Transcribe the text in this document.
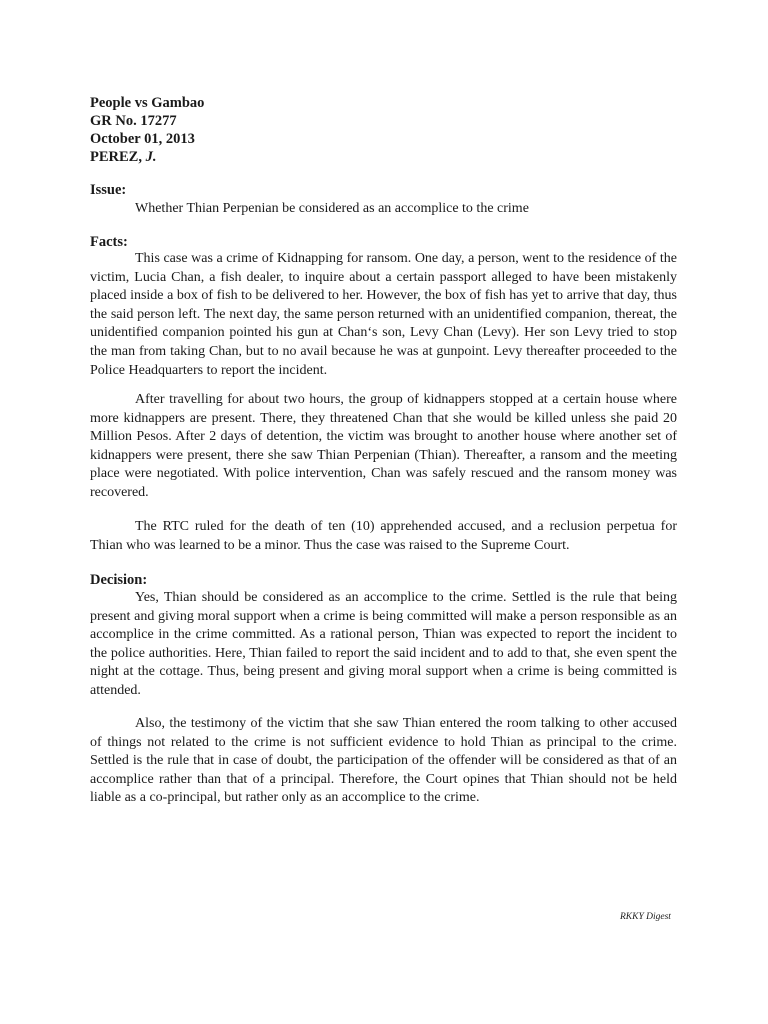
People vs Gambao
GR No. 17277
October 01, 2013
PEREZ, J.
Issue:
Whether Thian Perpenian be considered as an accomplice to the crime
Facts:

This case was a crime of Kidnapping for ransom. One day, a person, went to the residence of the victim, Lucia Chan, a fish dealer, to inquire about a certain passport alleged to have been mistakenly placed inside a box of fish to be delivered to her. However, the box of fish has yet to arrive that day, thus the said person left. The next day, the same person returned with an unidentified companion, thereat, the unidentified companion pointed his gun at Chan‘s son, Levy Chan (Levy). Her son Levy tried to stop the man from taking Chan, but to no avail because he was at gunpoint. Levy thereafter proceeded to the Police Headquarters to report the incident.

After travelling for about two hours, the group of kidnappers stopped at a certain house where more kidnappers are present. There, they threatened Chan that she would be killed unless she paid 20 Million Pesos. After 2 days of detention, the victim was brought to another house where another set of kidnappers were present, there she saw Thian Perpenian (Thian). Thereafter, a ransom and the meeting place were negotiated. With police intervention, Chan was safely rescued and the ransom money was recovered.

The RTC ruled for the death of ten (10) apprehended accused, and a reclusion perpetua for Thian who was learned to be a minor. Thus the case was raised to the Supreme Court.

Decision:

Yes, Thian should be considered as an accomplice to the crime. Settled is the rule that being present and giving moral support when a crime is being committed will make a person responsible as an accomplice in the crime committed. As a rational person, Thian was expected to report the incident to the police authorities. Here, Thian failed to report the said incident and to add to that, she even spent the night at the cottage. Thus, being present and giving moral support when a crime is being committed is attended.

Also, the testimony of the victim that she saw Thian entered the room talking to other accused of things not related to the crime is not sufficient evidence to hold Thian as principal to the crime. Settled is the rule that in case of doubt, the participation of the offender will be considered as that of an accomplice rather than that of a principal. Therefore, the Court opines that Thian should not be held liable as a co-principal, but rather only as an accomplice to the crime.

RKKY Digest
